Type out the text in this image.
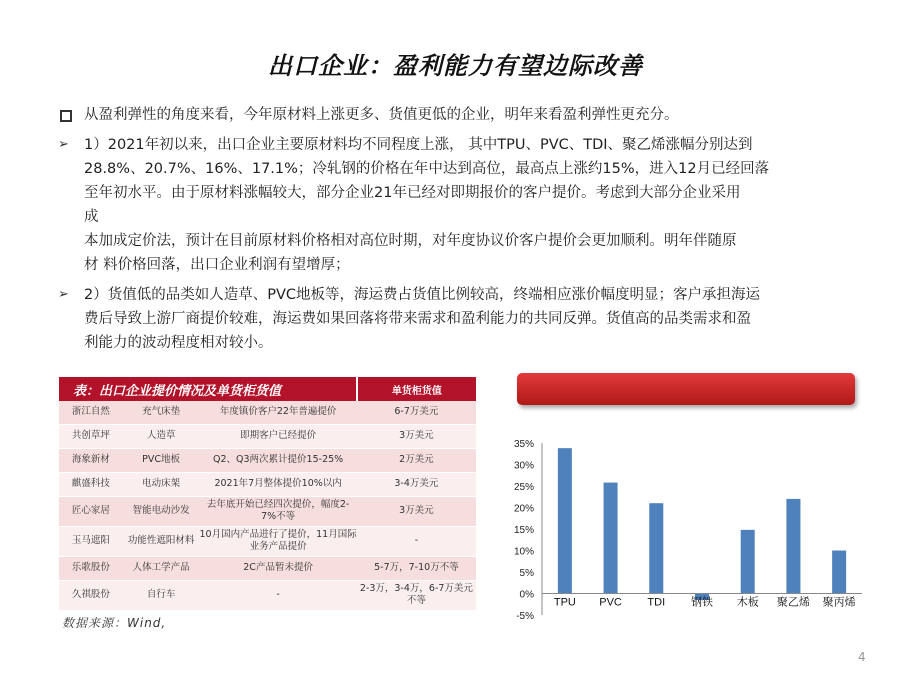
出口企业：盈利能力有望边际改善

从盈利弹性的角度来看，今年原材料上涨更多、货值更低的企业，明年来看盈利弹性更充分。

➢ 1）2021年初以来，出口企业主要原材料均不同程度上涨， 其中TPU、PVC、TDI、聚乙烯涨幅分别达到

28.8%、20.7%、16%、17.1%；冷轧钢的价格在年中达到高位，最高点上涨约15%，进入12月已经回落

至年初水平。由于原材料涨幅较大，部分企业21年已经对即期报价的客户提价。考虑到大部分企业采用

成

本加成定价法，预计在目前原材料价格相对高位时期，对年度协议价客户提价会更加顺利。明年伴随原

材 料价格回落，出口企业利润有望增厚；

➢ 2）货值低的品类如人造草、PVC地板等，海运费占货值比例较高，终端相应涨价幅度明显；客户承担海运

费后导致上游厂商提价较难，海运费如果回落将带来需求和盈利能力的共同反弹。货值高的品类需求和盈

利能力的波动程度相对较小。

表：出口企业提价情况及单货柜货值			单货柜货值
浙江自然	充气床垫	年度镇价客户22年普遍提价	6-7万美元
共创草坪	人造草	即期客户已经提价	3万美元
海象新材	PVC地板	Q2、Q3两次累计提价15-25%	2万美元
麒盛科技	电动床架	2021年7月整体提价10%以内	3-4万美元
匠心家居	智能电动沙发	去年底开始已经四次提价，幅度2-7%不等	3万美元
玉马遮阳	功能性遮阳材料	10月国内产品进行了提价，11月国际业务产品提价	-
乐歌股份	人体工学产品	2C产品暂未提价	5-7万，7-10万不等
久祺股份	自行车	-	2-3万，3-4万，6-7万美元不等
数据来源：Wind,
35%
30%
25%
20%
15%
10%
5%
0%
-5%
TPU PVC TDI 钢铁 木板 聚乙烯 聚丙烯
4
